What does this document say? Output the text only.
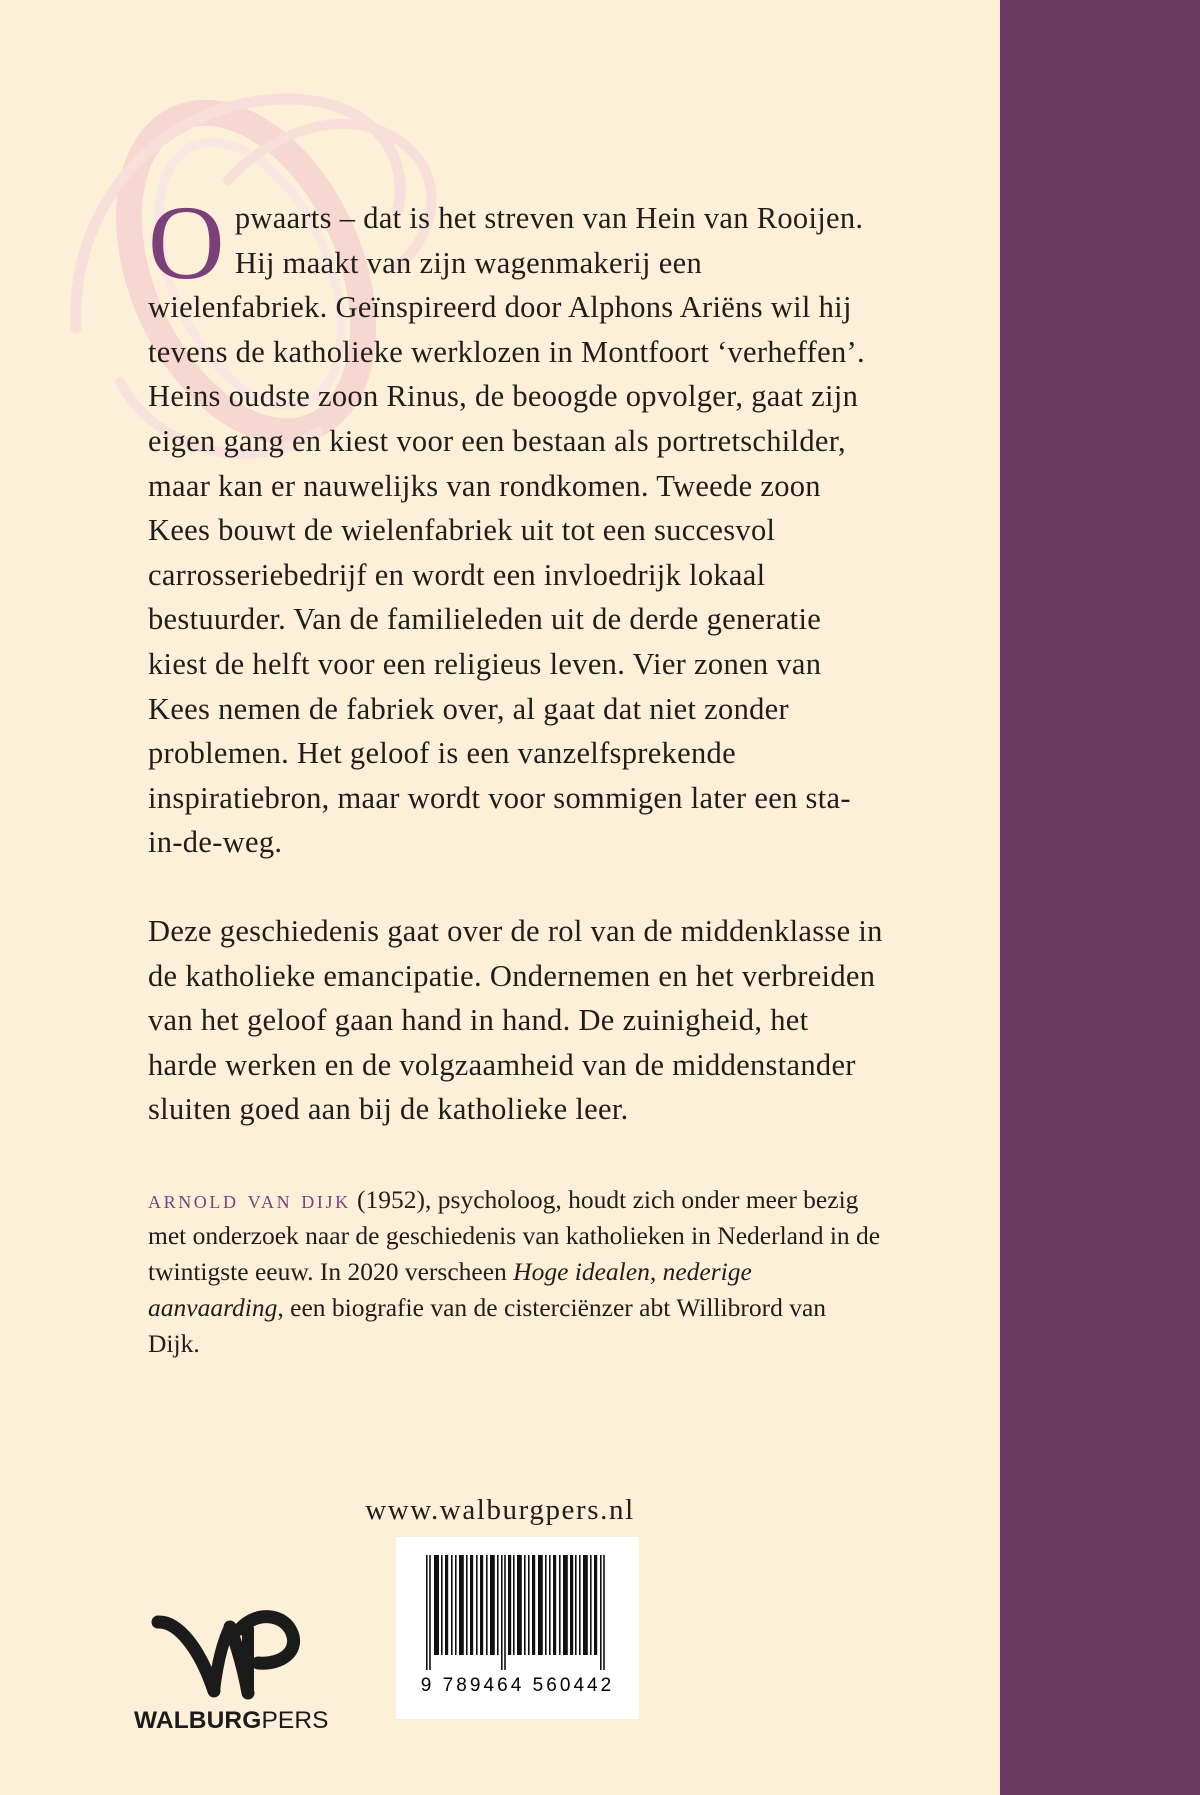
Opwaarts – dat is het streven van Hein van Rooijen. Hij maakt van zijn wagenmakerij een wielenfabriek. Geïnspireerd door Alphons Ariëns wil hij tevens de katholieke werklozen in Montfoort ‘verheffen’. Heins oudste zoon Rinus, de beoogde opvolger, gaat zijn eigen gang en kiest voor een bestaan als portretschilder, maar kan er nauwelijks van rondkomen. Tweede zoon Kees bouwt de wielenfabriek uit tot een succesvol carrosseriebedrijf en wordt een invloedrijk lokaal bestuurder. Van de familieleden uit de derde generatie kiest de helft voor een religieus leven. Vier zonen van Kees nemen de fabriek over, al gaat dat niet zonder problemen. Het geloof is een vanzelfsprekende inspiratiebron, maar wordt voor sommigen later een sta-in-de-weg.

Deze geschiedenis gaat over de rol van de middenklasse in de katholieke emancipatie. Ondernemen en het verbreiden van het geloof gaan hand in hand. De zuinigheid, het harde werken en de volgzaamheid van de middenstander sluiten goed aan bij de katholieke leer.

arnold van dijk (1952), psycholoog, houdt zich onder meer bezig met onderzoek naar de geschiedenis van katholieken in Nederland in de twintigste eeuw. In 2020 verscheen Hoge idealen, nederige aanvaarding, een biografie van de cisterciënzer abt Willibrord van Dijk.

www.walburgpers.nl
9 789464 560442
WALBURGPERS
